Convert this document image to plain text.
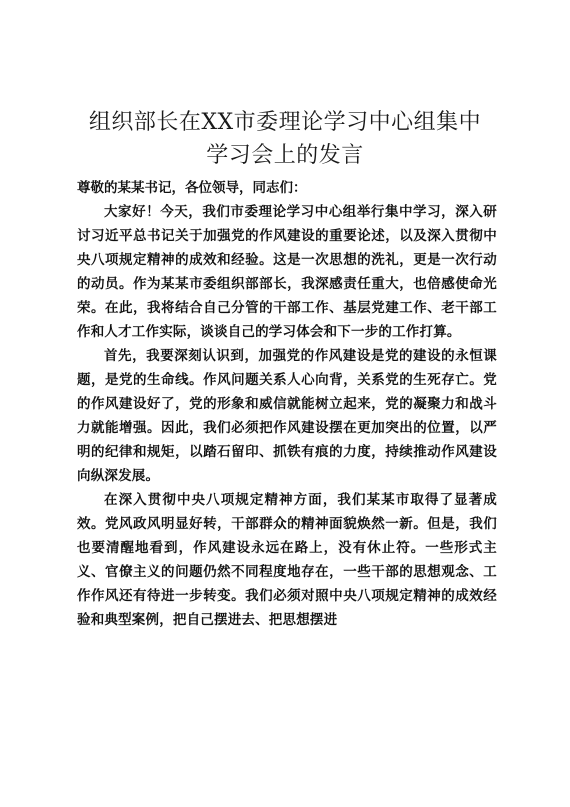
组织部长在XX市委理论学习中心组集中
学习会上的发言

尊敬的某某书记，各位领导，同志们：

大家好！今天，我们市委理论学习中心组举行集中学习，深入研讨习近平总书记关于加强党的作风建设的重要论述，以及深入贯彻中央八项规定精神的成效和经验。这是一次思想的洗礼，更是一次行动的动员。作为某某市委组织部部长，我深感责任重大，也倍感使命光荣。在此，我将结合自己分管的干部工作、基层党建工作、老干部工作和人才工作实际，谈谈自己的学习体会和下一步的工作打算。

首先，我要深刻认识到，加强党的作风建设是党的建设的永恒课题，是党的生命线。作风问题关系人心向背，关系党的生死存亡。党的作风建设好了，党的形象和威信就能树立起来，党的凝聚力和战斗力就能增强。因此，我们必须把作风建设摆在更加突出的位置，以严明的纪律和规矩，以踏石留印、抓铁有痕的力度，持续推动作风建设向纵深发展。

在深入贯彻中央八项规定精神方面，我们某某市取得了显著成效。党风政风明显好转，干部群众的精神面貌焕然一新。但是，我们也要清醒地看到，作风建设永远在路上，没有休止符。一些形式主义、官僚主义的问题仍然不同程度地存在，一些干部的思想观念、工作作风还有待进一步转变。我们必须对照中央八项规定精神的成效经验和典型案例，把自己摆进去、把思想摆进
